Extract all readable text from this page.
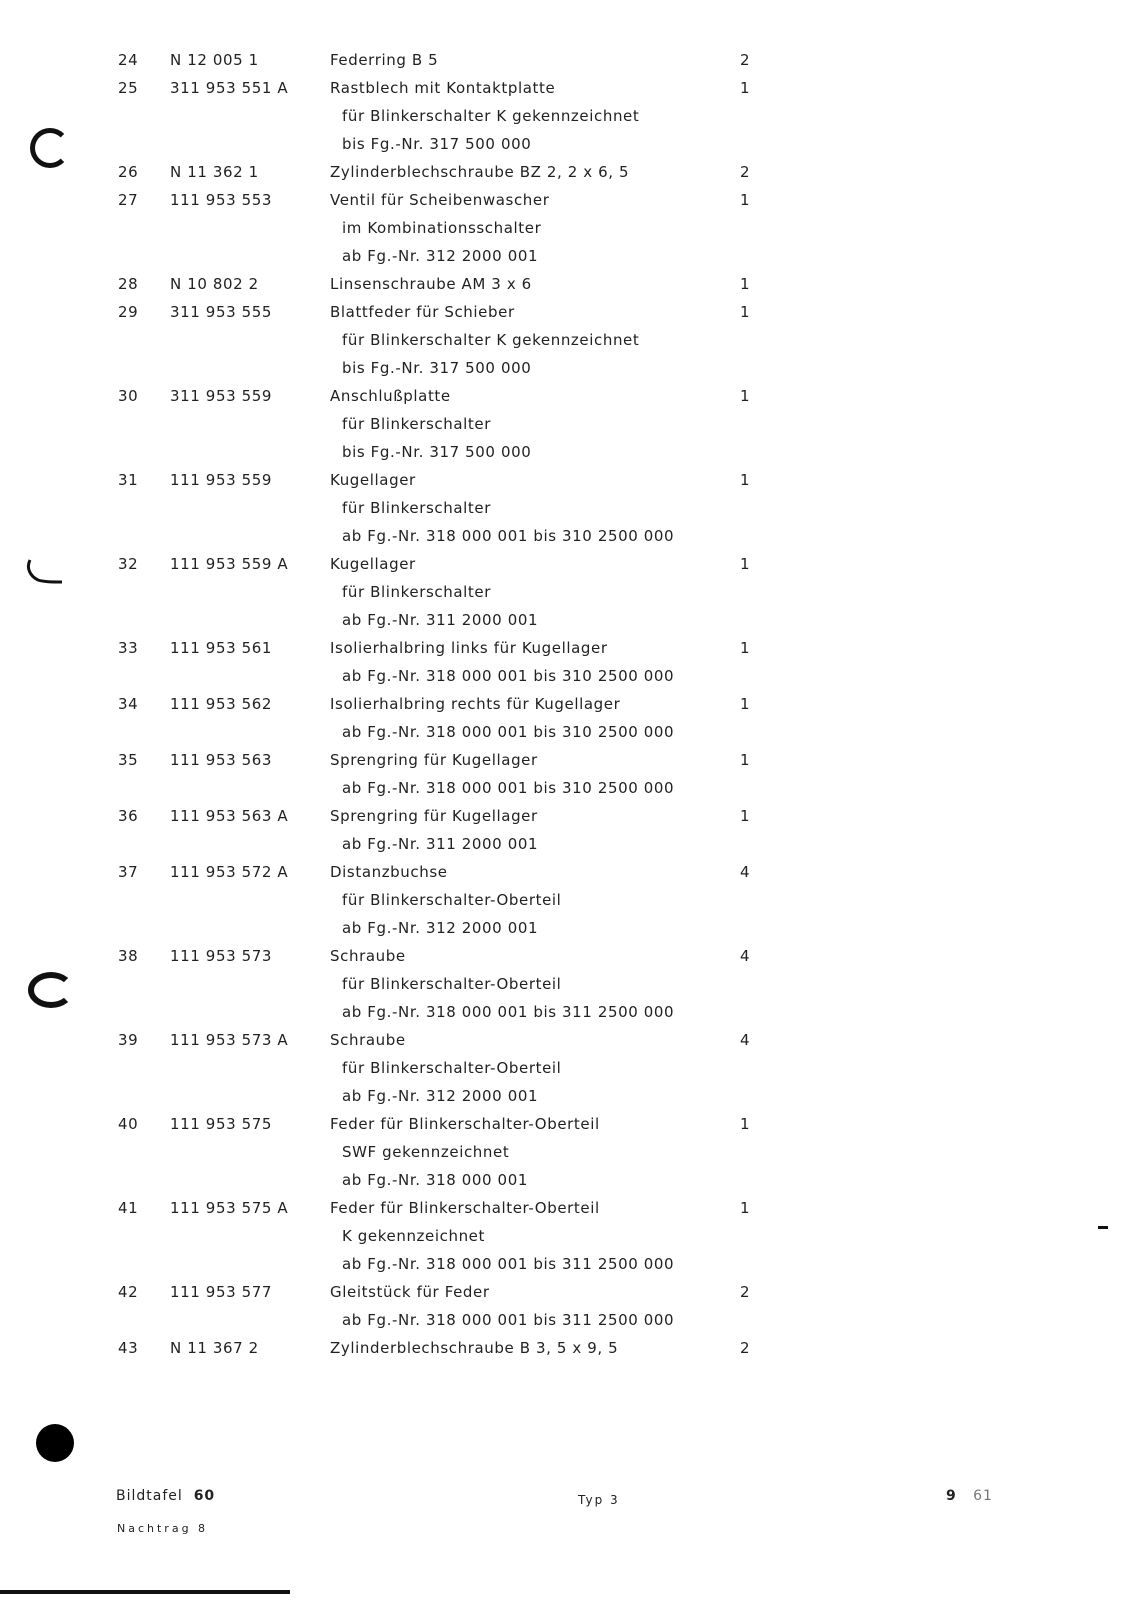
24	N 12 005 1	Federring B 5	2
25	311 953 551 A	Rastblech mit Kontaktplatte	1
für Blinkerschalter K gekennzeichnet
bis Fg.-Nr. 317 500 000
26	N 11 362 1	Zylinderblechschraube BZ 2, 2 x 6, 5	2
27	111 953 553	Ventil für Scheibenwascher	1
im Kombinationsschalter
ab Fg.-Nr. 312 2000 001
28	N 10 802 2	Linsenschraube AM 3 x 6	1
29	311 953 555	Blattfeder für Schieber	1
für Blinkerschalter K gekennzeichnet
bis Fg.-Nr. 317 500 000
30	311 953 559	Anschlußplatte	1
für Blinkerschalter
bis Fg.-Nr. 317 500 000
31	111 953 559	Kugellager	1
für Blinkerschalter
ab Fg.-Nr. 318 000 001 bis 310 2500 000
32	111 953 559 A	Kugellager	1
für Blinkerschalter
ab Fg.-Nr. 311 2000 001
33	111 953 561	Isolierhalbring links für Kugellager	1
ab Fg.-Nr. 318 000 001 bis 310 2500 000
34	111 953 562	Isolierhalbring rechts für Kugellager	1
ab Fg.-Nr. 318 000 001 bis 310 2500 000
35	111 953 563	Sprengring für Kugellager	1
ab Fg.-Nr. 318 000 001 bis 310 2500 000
36	111 953 563 A	Sprengring für Kugellager	1
ab Fg.-Nr. 311 2000 001
37	111 953 572 A	Distanzbuchse	4
für Blinkerschalter-Oberteil
ab Fg.-Nr. 312 2000 001
38	111 953 573	Schraube	4
für Blinkerschalter-Oberteil
ab Fg.-Nr. 318 000 001 bis 311 2500 000
39	111 953 573 A	Schraube	4
für Blinkerschalter-Oberteil
ab Fg.-Nr. 312 2000 001
40	111 953 575	Feder für Blinkerschalter-Oberteil	1
SWF gekennzeichnet
ab Fg.-Nr. 318 000 001
41	111 953 575 A	Feder für Blinkerschalter-Oberteil	1
K gekennzeichnet
ab Fg.-Nr. 318 000 001 bis 311 2500 000
42	111 953 577	Gleitstück für Feder	2
ab Fg.-Nr. 318 000 001 bis 311 2500 000
43	N 11 367 2	Zylinderblechschraube B 3, 5 x 9, 5	2
Bildtafel 60	Typ 3	9 61
Nachtrag 8
